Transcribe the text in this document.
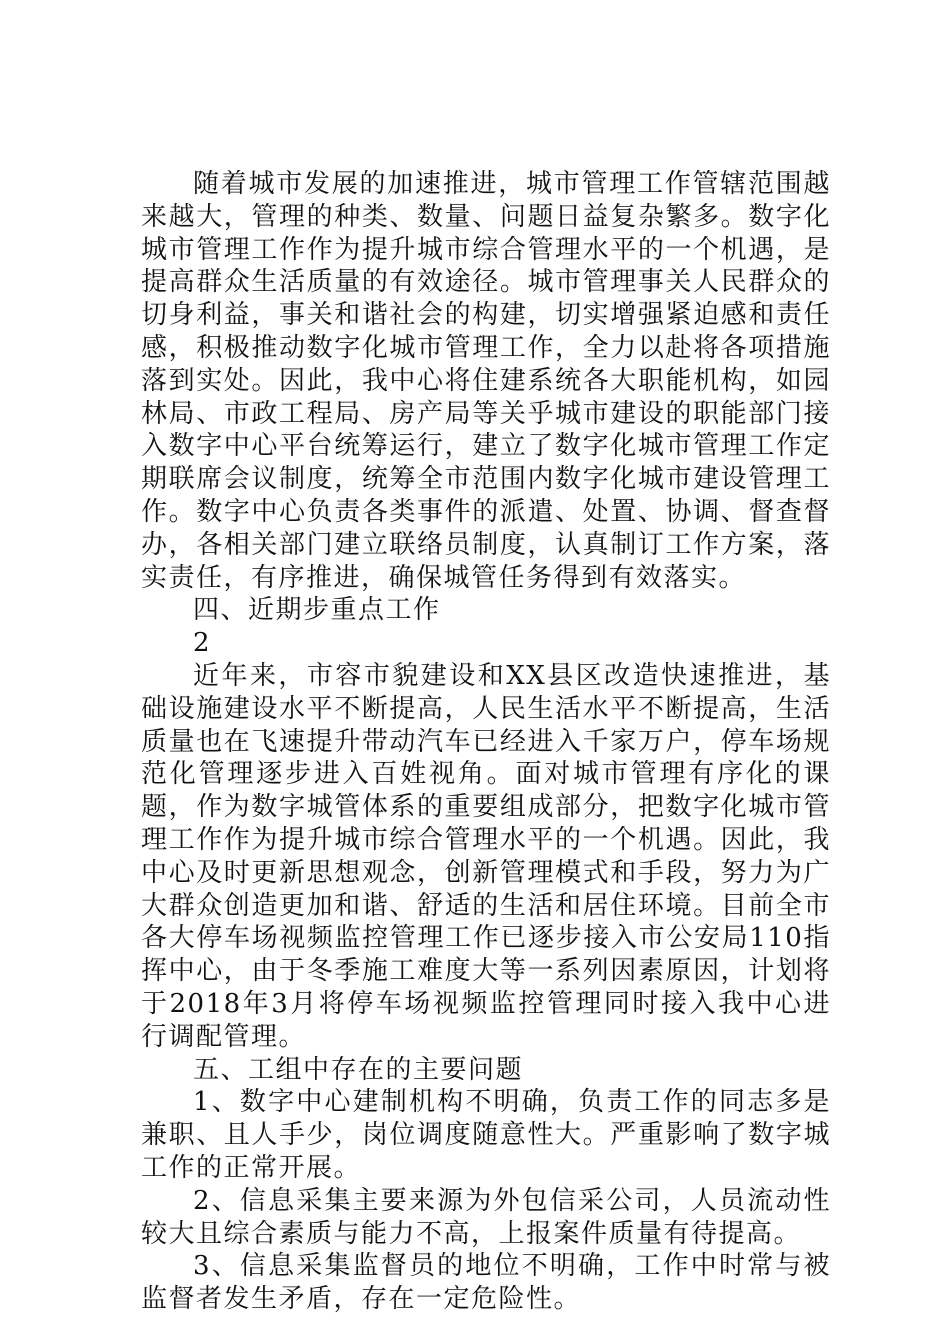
随着城市发展的加速推进，城市管理工作管辖范围越来越大，管理的种类、数量、问题日益复杂繁多。数字化城市管理工作作为提升城市综合管理水平的一个机遇，是提高群众生活质量的有效途径。城市管理事关人民群众的切身利益，事关和谐社会的构建，切实增强紧迫感和责任感，积极推动数字化城市管理工作，全力以赴将各项措施落到实处。因此，我中心将住建系统各大职能机构，如园林局、市政工程局、房产局等关乎城市建设的职能部门接入数字中心平台统筹运行，建立了数字化城市管理工作定期联席会议制度，统筹全市范围内数字化城市建设管理工作。数字中心负责各类事件的派遣、处置、协调、督查督办，各相关部门建立联络员制度，认真制订工作方案，落实责任，有序推进，确保城管任务得到有效落实。

四、近期步重点工作

2

近年来，市容市貌建设和XX县区改造快速推进，基础设施建设水平不断提高，人民生活水平不断提高，生活质量也在飞速提升带动汽车已经进入千家万户，停车场规范化管理逐步进入百姓视角。面对城市管理有序化的课题，作为数字城管体系的重要组成部分，把数字化城市管理工作作为提升城市综合管理水平的一个机遇。因此，我中心及时更新思想观念，创新管理模式和手段，努力为广大群众创造更加和谐、舒适的生活和居住环境。目前全市各大停车场视频监控管理工作已逐步接入市公安局110指挥中心，由于冬季施工难度大等一系列因素原因，计划将于2018年3月将停车场视频监控管理同时接入我中心进行调配管理。

五、工组中存在的主要问题

1、数字中心建制机构不明确，负责工作的同志多是兼职、且人手少，岗位调度随意性大。严重影响了数字城工作的正常开展。

2、信息采集主要来源为外包信采公司，人员流动性较大且综合素质与能力不高，上报案件质量有待提高。

3、信息采集监督员的地位不明确，工作中时常与被监督者发生矛盾，存在一定危险性。
